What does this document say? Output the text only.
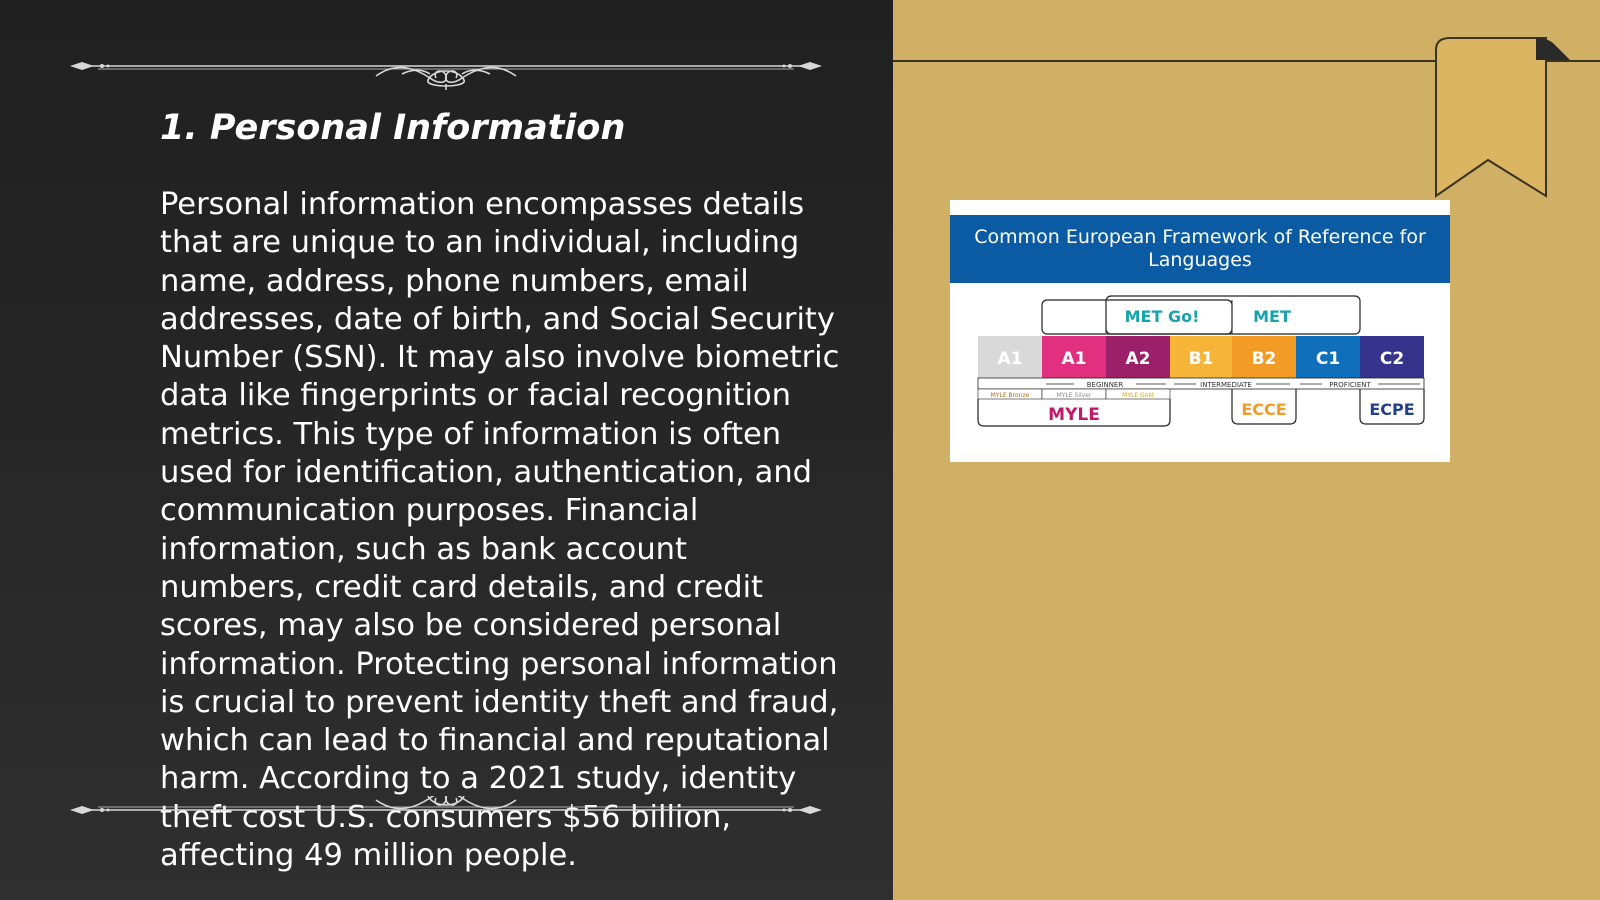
1. Personal Information

Personal information encompasses details that are unique to an individual, including name, address, phone numbers, email addresses, date of birth, and Social Security Number (SSN). It may also involve biometric data like fingerprints or facial recognition metrics. This type of information is often used for identification, authentication, and communication purposes. Financial information, such as bank account numbers, credit card details, and credit scores, may also be considered personal information. Protecting personal information is crucial to prevent identity theft and fraud, which can lead to financial and reputational harm. According to a 2021 study, identity theft cost U.S. consumers $56 billion, affecting 49 million people.

Common European Framework of Reference for Languages
MET Go!	MET
A1 A1 A2 B1 B2 C1 C2
BEGINNER	INTERMEDIATE	PROFICIENT
MYLE Bronze	MYLE Silver	MYLE Gold
MYLE	ECCE	ECPE
